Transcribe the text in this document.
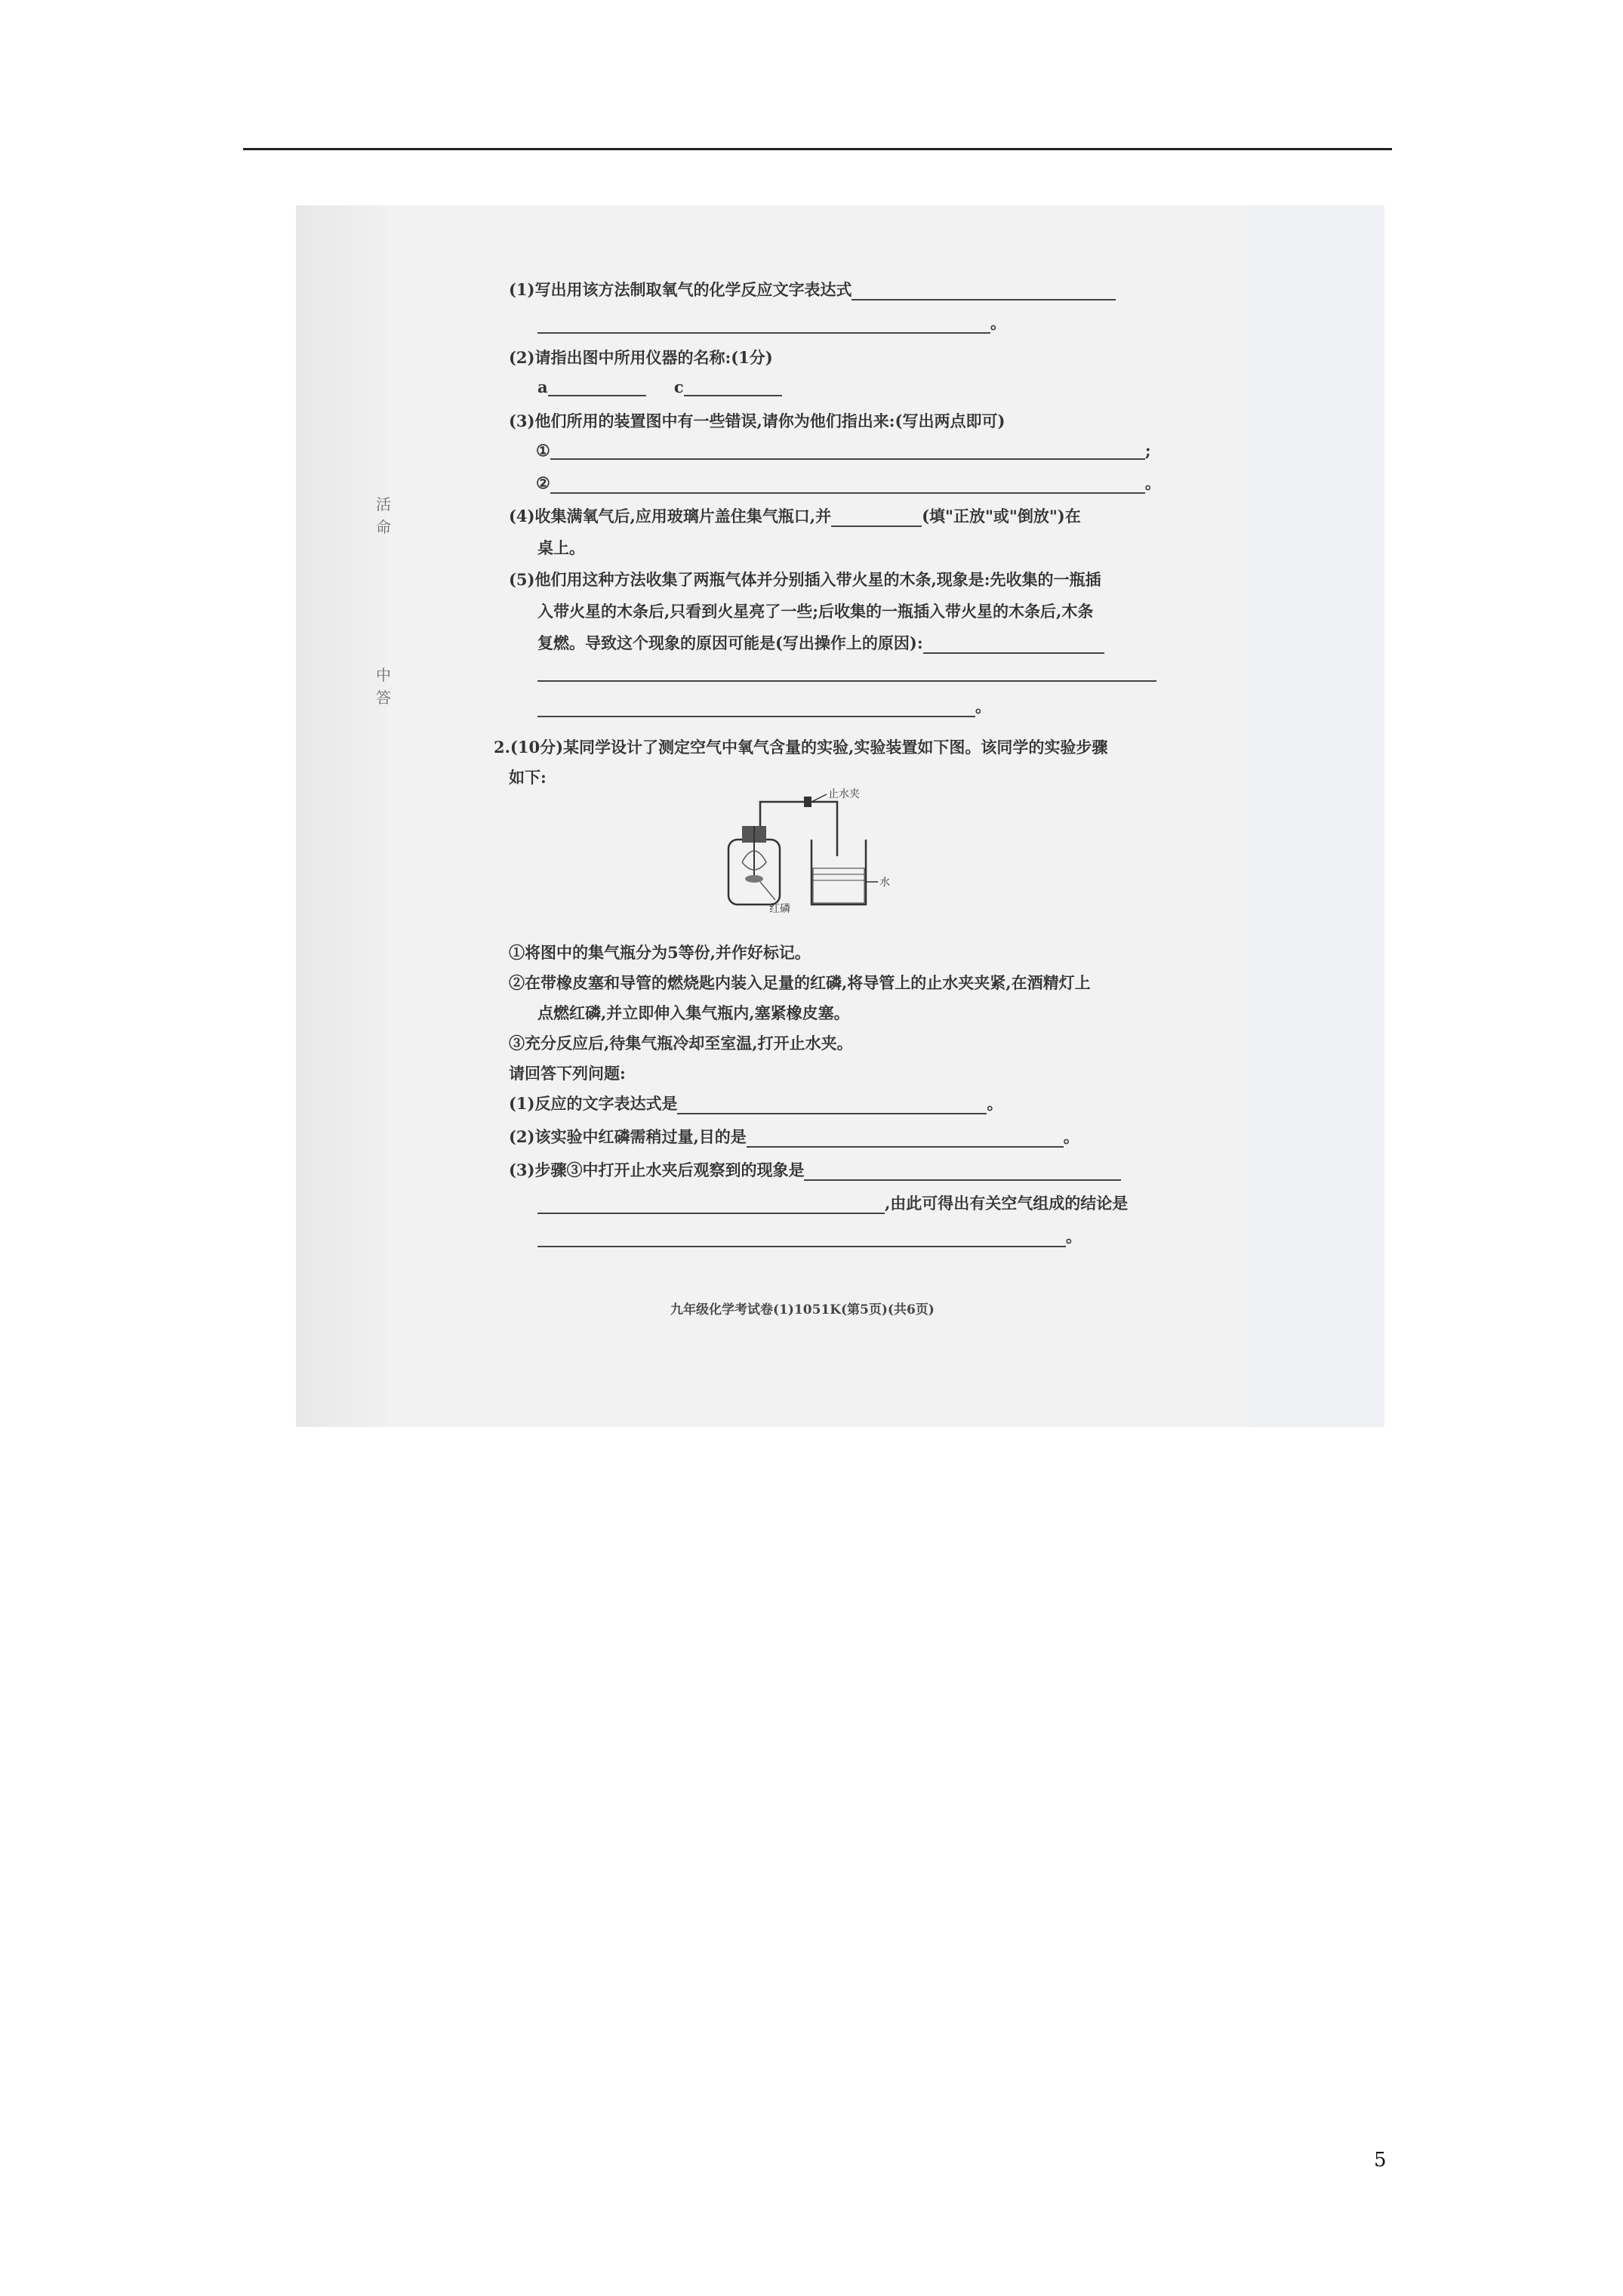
活
命
中
答
(1)写出用该方法制取氧气的化学反应文字表达式
。
(2)请指出图中所用仪器的名称:(1分)
a	c
(3)他们所用的装置图中有一些错误,请你为他们指出来:(写出两点即可)
①	;
②	。
(4)收集满氧气后,应用玻璃片盖住集气瓶口,并	(填"正放"或"倒放")在
桌上。
(5)他们用这种方法收集了两瓶气体并分别插入带火星的木条,现象是:先收集的一瓶插
入带火星的木条后,只看到火星亮了一些;后收集的一瓶插入带火星的木条后,木条
复燃。导致这个现象的原因可能是(写出操作上的原因):
。
2.(10分)某同学设计了测定空气中氧气含量的实验,实验装置如下图。该同学的实验步骤
如下:
止水夹
水
红磷
①将图中的集气瓶分为5等份,并作好标记。
②在带橡皮塞和导管的燃烧匙内装入足量的红磷,将导管上的止水夹夹紧,在酒精灯上
点燃红磷,并立即伸入集气瓶内,塞紧橡皮塞。
③充分反应后,待集气瓶冷却至室温,打开止水夹。
请回答下列问题:
(1)反应的文字表达式是	。
(2)该实验中红磷需稍过量,目的是	。
(3)步骤③中打开止水夹后观察到的现象是
,由此可得出有关空气组成的结论是
。
九年级化学考试卷(1)1051K(第5页)(共6页)
5
